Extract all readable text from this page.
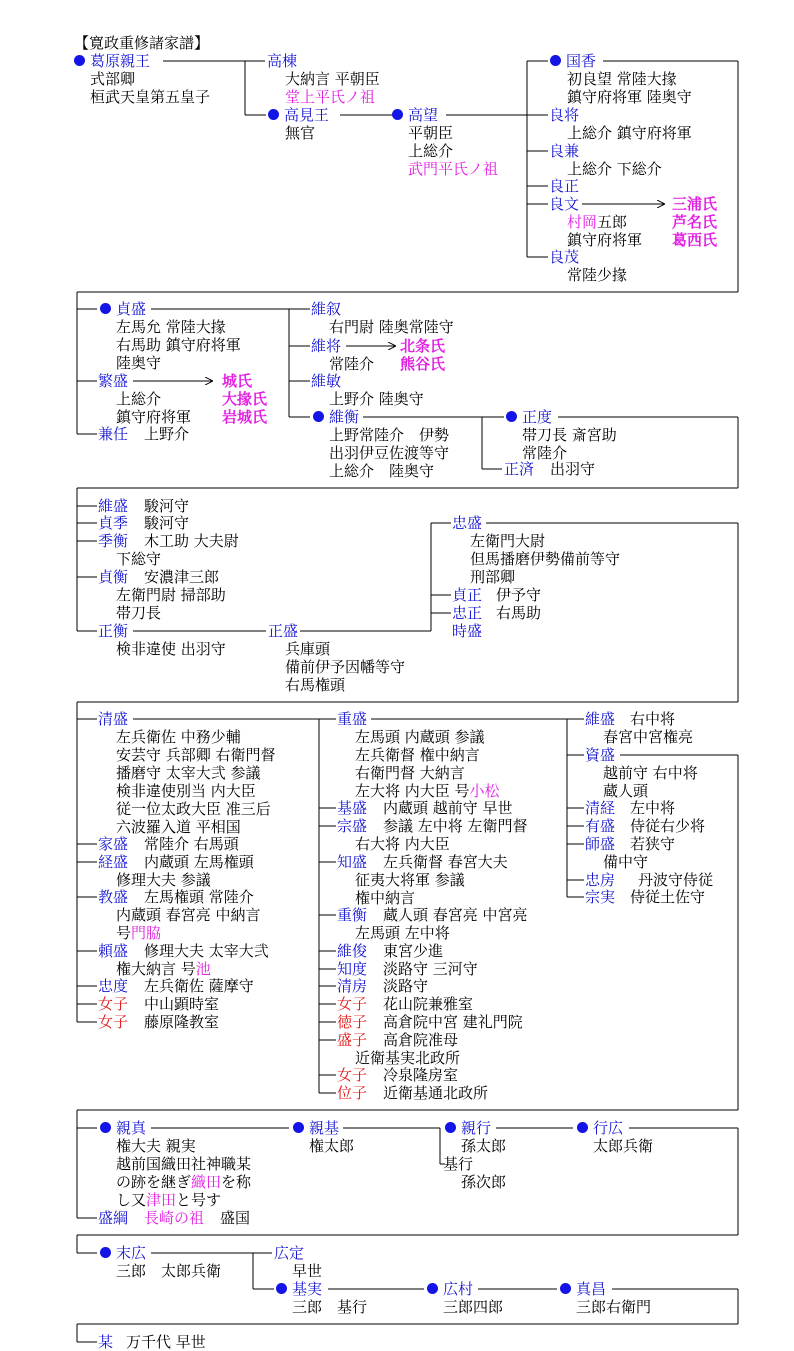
【寛政重修諸家譜】
葛原親王
式部卿
桓武天皇第五皇子
高棟
大納言 平朝臣
堂上平氏ノ祖
高見王
無官
高望
平朝臣
上総介
武門平氏ノ祖
国香
初良望 常陸大掾
鎮守府将軍 陸奥守
良将
上総介 鎮守府将軍
良兼
上総介 下総介
良正
良文
村岡五郎
鎮守府将軍
三浦氏
芦名氏
葛西氏
良茂
常陸少掾
貞盛
左馬允 常陸大掾
右馬助 鎮守府将軍
陸奥守
繁盛
上総介
鎮守府将軍
城氏
大掾氏
岩城氏
兼任 上野介
維叙
右門尉 陸奥常陸守
維将
常陸介
北条氏
熊谷氏
維敏
上野介 陸奥守
維衡
上野常陸介　伊勢
出羽伊豆佐渡等守
上総介　陸奥守
正度
帯刀長 斎宮助
常陸介
正済 出羽守
維盛 駿河守
貞季 駿河守
季衡 木工助 大夫尉
下総守
貞衡 安濃津三郎
左衛門尉 掃部助
帯刀長
正衡
検非違使 出羽守
正盛
兵庫頭
備前伊予因幡等守
右馬権頭
忠盛
左衛門大尉
但馬播磨伊勢備前等守
刑部卿
貞正 伊予守
忠正 右馬助
時盛
清盛
左兵衛佐 中務少輔
安芸守 兵部卿 右衛門督
播磨守 太宰大弐 参議
検非違使別当 内大臣
従一位太政大臣 准三后
六波羅入道 平相国
家盛 常陸介 右馬頭
経盛 内蔵頭 左馬権頭
修理大夫 参議
教盛 左馬権頭 常陸介
内蔵頭 春宮亮 中納言
号門脇
頼盛 修理大夫 太宰大弐
権大納言 号池
忠度 左兵衛佐 薩摩守
女子 中山顕時室
女子 藤原隆教室
重盛
左馬頭 内蔵頭 参議
左兵衛督 権中納言
右衛門督 大納言
左大将 内大臣 号小松
基盛 内蔵頭 越前守 早世
宗盛 参議 左中将 左衛門督
右大将 内大臣
知盛 左兵衛督 春宮大夫
征夷大将軍 参議
権中納言
重衡 蔵人頭 春宮亮 中宮亮
左馬頭 左中将
維俊 東宮少進
知度 淡路守 三河守
清房 淡路守
女子 花山院兼雅室
徳子 高倉院中宮 建礼門院
盛子 高倉院准母
近衛基実北政所
女子 冷泉隆房室
位子 近衛基通北政所
維盛 右中将
春宮中宮権亮
資盛
越前守 右中将
蔵人頭
清経 左中将
有盛 侍従右少将
師盛 若狭守
備中守
忠房 丹波守侍従
宗実 侍従土佐守
親真
権大夫 親実
越前国織田社神職某
の跡を継ぎ織田を称
し又津田と号す
盛綱 長崎の祖 盛国
親基
権太郎
親行
孫太郎
基行
孫次郎
行広
太郎兵衛
末広
三郎　太郎兵衛
広定
早世
基実
三郎　基行
広村
三郎四郎
真昌
三郎右衛門
某 万千代 早世
